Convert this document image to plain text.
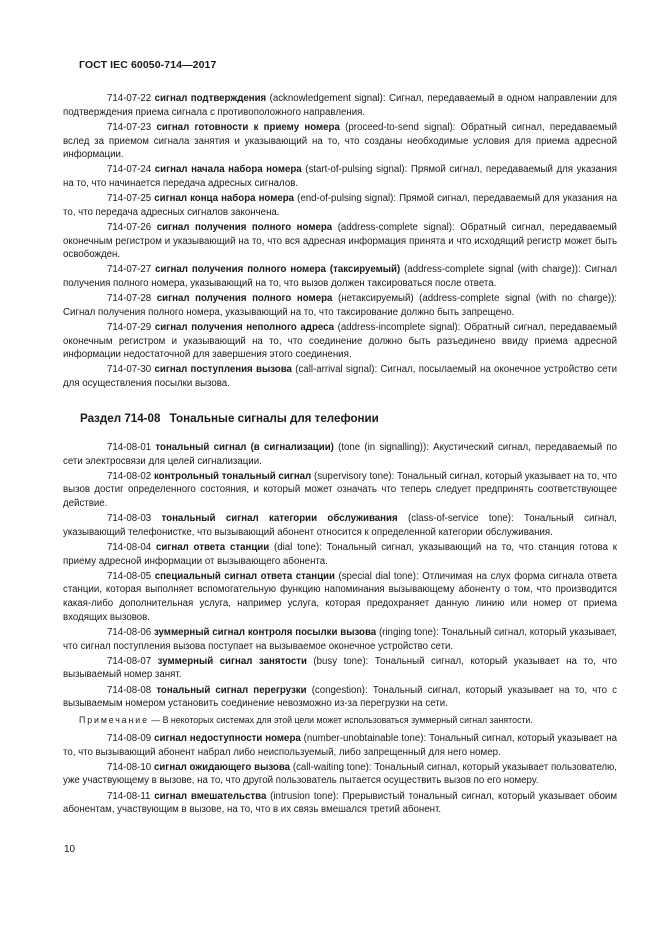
ГОСТ IEC 60050-714—2017

714-07-22 сигнал подтверждения (acknowledgement signal): Сигнал, передаваемый в одном направлении для подтверждения приема сигнала с противоположного направления.

714-07-23 сигнал готовности к приему номера (proceed-to-send signal): Обратный сигнал, передаваемый вслед за приемом сигнала занятия и указывающий на то, что созданы необходимые условия для приема адресной информации.

714-07-24 сигнал начала набора номера (start-of-pulsing signal): Прямой сигнал, передаваемый для указания на то, что начинается передача адресных сигналов.

714-07-25 сигнал конца набора номера (end-of-pulsing signal): Прямой сигнал, передаваемый для указания на то, что передача адресных сигналов закончена.

714-07-26 сигнал получения полного номера (address-complete signal): Обратный сигнал, передаваемый оконечным регистром и указывающий на то, что вся адресная информация принята и что исходящий регистр может быть освобожден.

714-07-27 сигнал получения полного номера (таксируемый) (address-complete signal (with charge)): Сигнал получения полного номера, указывающий на то, что вызов должен таксироваться после ответа.

714-07-28 сигнал получения полного номера (нетаксируемый) (address-complete signal (with no charge)): Сигнал получения полного номера, указывающий на то, что таксирование должно быть запрещено.

714-07-29 сигнал получения неполного адреса (address-incomplete signal): Обратный сигнал, передаваемый оконечным регистром и указывающий на то, что соединение должно быть разъединено ввиду приема адресной информации недостаточной для завершения этого соединения.

714-07-30 сигнал поступления вызова (call-arrival signal): Сигнал, посылаемый на оконечное устройство сети для осуществления посылки вызова.

Раздел 714-08 Тональные сигналы для телефонии

714-08-01 тональный сигнал (в сигнализации) (tone (in signalling)): Акустический сигнал, передаваемый по сети электросвязи для целей сигнализации.

714-08-02 контрольный тональный сигнал (supervisory tone): Тональный сигнал, который указывает на то, что вызов достиг определенного состояния, и который может означать что теперь следует предпринять соответствующее действие.

714-08-03 тональный сигнал категории обслуживания (class-of-service tone): Тональный сигнал, указывающий телефонистке, что вызывающий абонент относится к определенной категории обслуживания.

714-08-04 сигнал ответа станции (dial tone): Тональный сигнал, указывающий на то, что станция готова к приему адресной информации от вызывающего абонента.

714-08-05 специальный сигнал ответа станции (special dial tone): Отличимая на слух форма сигнала ответа станции, которая выполняет вспомогательную функцию напоминания вызывающему абоненту о том, что производится какая-либо дополнительная услуга, например услуга, которая предохраняет данную линию или номер от приема входящих вызовов.

714-08-06 зуммерный сигнал контроля посылки вызова (ringing tone): Тональный сигнал, который указывает, что сигнал поступления вызова поступает на вызываемое оконечное устройство сети.

714-08-07 зуммерный сигнал занятости (busy tone): Тональный сигнал, который указывает на то, что вызываемый номер занят.

714-08-08 тональный сигнал перегрузки (congestion): Тональный сигнал, который указывает на то, что с вызываемым номером установить соединение невозможно из-за перегрузки на сети.

Примечание — В некоторых системах для этой цели может использоваться зуммерный сигнал занятости.

714-08-09 сигнал недоступности номера (number-unobtainable tone): Тональный сигнал, который указывает на то, что вызывающий абонент набрал либо неиспользуемый, либо запрещенный для него номер.

714-08-10 сигнал ожидающего вызова (call-waiting tone): Тональный сигнал, который указывает пользователю, уже участвующему в вызове, на то, что другой пользователь пытается осуществить вызов по его номеру.

714-08-11 сигнал вмешательства (intrusion tone): Прерывистый тональный сигнал, который указывает обоим абонентам, участвующим в вызове, на то, что в их связь вмешался третий абонент.

10
